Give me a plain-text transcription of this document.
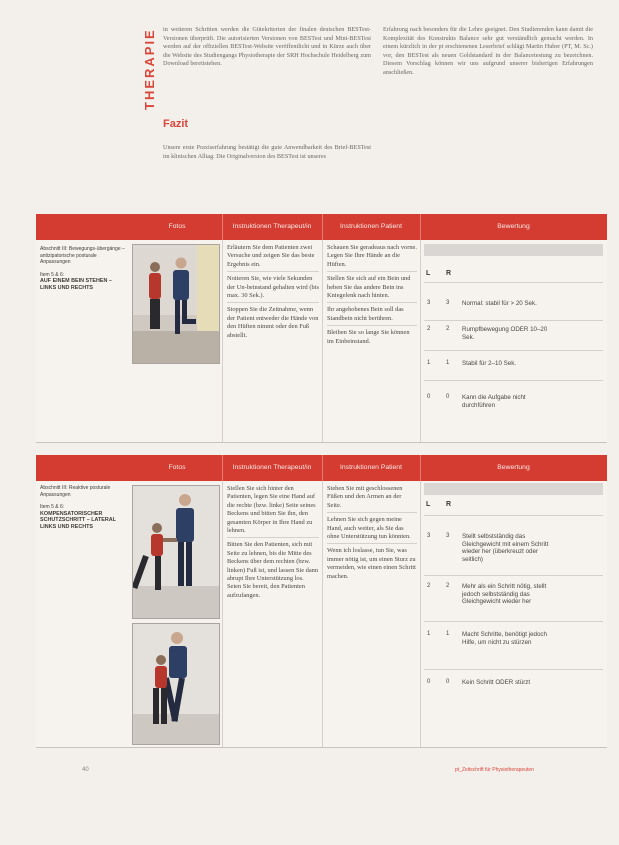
THERAPIE in weiteren Schritten werden die Gütekriterien der finalen deutschen BESTest-Versionen überprüft. Die autorisierten Versionen von BESTest und Mini-BESTest werden auf der offiziellen BESTest-Website veröffentlicht und in Kürze auch über die Website des Studiengangs Physiotherapie der SRH Hochschule Heidelberg zum Download bereitstehen.
Fazit
Unsere erste Praxiserfahrung bestätigt die gute Anwendbarkeit des Brief-BESTest im klinischen Alltag. Die Originalversion des BESTest ist unseres
Erfahrung nach besonders für die Lehre geeignet. Den Studierenden kann damit die Komplexität des Konstrukts Balance sehr gut verständlich gemacht werden. In einem kürzlich in der pt erschienenen Leserbrief schlägt Martin Huber (PT, M. Sc.) vor, den BESTest als neuen Goldstandard in der Balancetestung zu bezeichnen. Diesem Vorschlag können wir uns aufgrund unserer bisherigen Erfahrungen anschließen.
Fotos	Instruktionen Therapeut/in	Instruktionen Patient	Bewertung
Abschnitt III: Bewegungs-übergänge – antizipatorische posturale Anpassungen
Item 5 & 6:
AUF EINEM BEIN STEHEN – LINKS UND RECHTS

Erläutern Sie dem Patienten zwei Versuche und zeigen Sie das beste Ergebnis ein.

Notieren Sie, wie viele Sekunden der Un-beinstand gehalten wird (bis max. 30 Sek.).

Stoppen Sie die Zeitnahme, wenn der Patient entweder die Hände von den Hüften nimmt oder den Fuß abstellt.

Schauen Sie geradeaus nach vorne. Legen Sie Ihre Hände an die Hüften.

Stellen Sie sich auf ein Bein und heben Sie das andere Bein ins Kniegelenk nach hinten.

Ihr angehobenes Bein soll das Standbein nicht berühren.

Bleiben Sie so lange Sie können im Einbeinstand.

L R
3	3 Normal: stabil für > 20 Sek.
2	2 Rumpfbewegung ODER 10–20 Sek.
1	1 Stabil für 2–10 Sek.
0	0 Kann die Aufgabe nicht durchführen
Fotos	Instruktionen Therapeut/in	Instruktionen Patient	Bewertung
Abschnitt III: Reaktive posturale Anpassungen
Item 5 & 6:
KOMPENSATORISCHER SCHUTZSCHRITT – LATERAL LINKS UND RECHTS

Stellen Sie sich hinter den Patienten, legen Sie eine Hand auf die rechte (bzw. linke) Seite seines Beckens und bitten Sie ihn, den gesamten Körper in Ihre Hand zu lehnen.

Bitten Sie den Patienten, sich mit Seite zu lehnen, bis die Mitte des Beckens über dem rechten (bzw. linken) Fuß ist, und lassen Sie dann abrupt Ihre Unterstützung los. Seien Sie bereit, den Patienten aufzufangen.

Stehen Sie mit geschlossenen Füßen und den Armen an der Seite.

Lehnen Sie sich gegen meine Hand, auch weiter, als Sie das ohne Unterstützung tun könnten.

Wenn ich loslasse, tun Sie, was immer nötig ist, um einen Sturz zu vermeiden, wie einen einen Schritt machen.

L R
3	3 Stellt selbstständig das Gleichgewicht mit einem Schritt wieder her (überkreuzt oder seitlich)
2	2 Mehr als ein Schritt nötig, stellt jedoch selbstständig das Gleichgewicht wieder her
1	1 Macht Schritte, benötigt jedoch Hilfe, um nicht zu stürzen
0	0 Kein Schritt ODER stürzt
40	pt_Zeitschrift für Physiotherapeuten
